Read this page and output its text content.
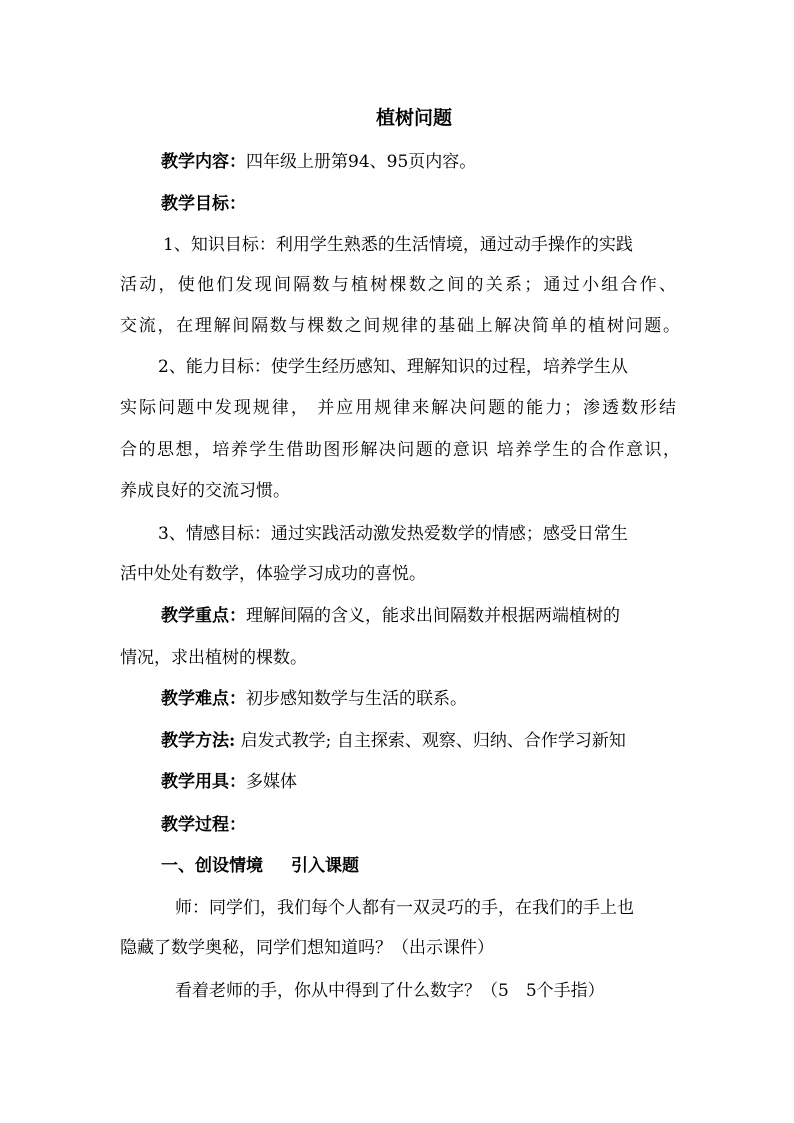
植树问题
教学内容：四年级上册第94、95页内容。
教学目标：
1、知识目标：利用学生熟悉的生活情境，通过动手操作的实践
活动，使他们发现间隔数与植树棵数之间的关系；通过小组合作、
交流，在理解间隔数与棵数之间规律的基础上解决简单的植树问题。
2、能力目标：使学生经历感知、理解知识的过程，培养学生从
实际问题中发现规律， 并应用规律来解决问题的能力；渗透数形结
合的思想，培养学生借助图形解决问题的意识 培养学生的合作意识，
养成良好的交流习惯。
3、情感目标：通过实践活动激发热爱数学的情感；感受日常生
活中处处有数学，体验学习成功的喜悦。
教学重点：理解间隔的含义，能求出间隔数并根据两端植树的
情况，求出植树的棵数。
教学难点：初步感知数学与生活的联系。
教学方法: 启发式教学; 自主探索、观察、归纳、合作学习新知
教学用具：多媒体
教学过程：
一、创设情境 引入课题
师：同学们，我们每个人都有一双灵巧的手，在我们的手上也
隐藏了数学奥秘，同学们想知道吗？（出示课件）
看着老师的手，你从中得到了什么数字？（5　5个手指）
